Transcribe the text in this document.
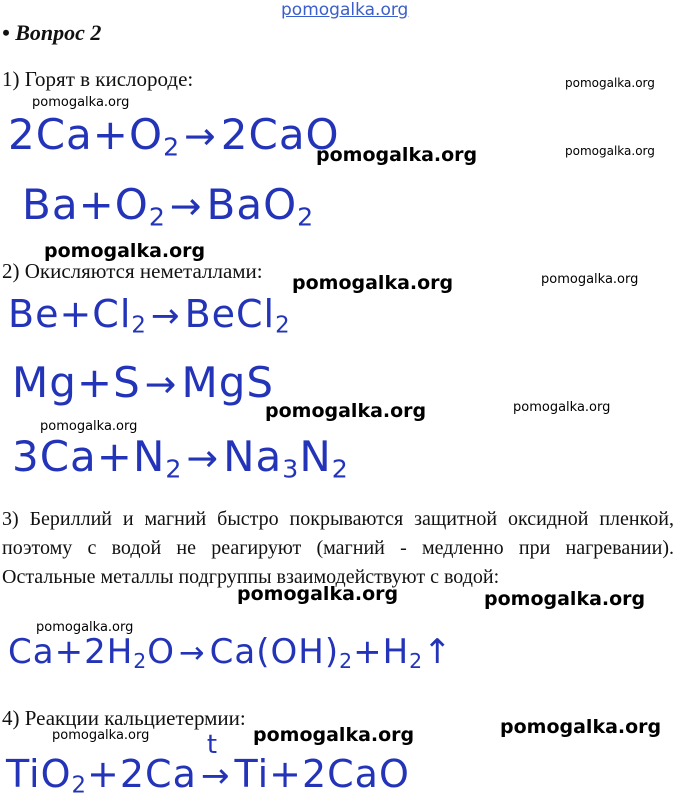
pomogalka.org
• Вопрос 2
1) Горят в кислороде:
$2Ca+O_2 \to 2CaO$
$Ba+O_2 \to BaO_2$
2) Окисляются неметаллами:
$Be+Cl_2$ → BeCl$_2$
Mg+S →MgS
$3Ca+N_2 \to Na_3N_2$
3) Бериллий и магний быстро покрываются защитной оксидной пленкой, поэтому с водой не реагируют (магний - медленно при нагревании). Остальные металлы подгруппы взаимодействуют с водой:
$Ca+2H_2O$ → $Ca(OH)_2+H_2↑$
4) Реакции кальциетермии:
TiO$_2$+2Ca
t
→ Ti+2CaO
pomogalka.org
pomogalka.org
pomogalka.org	pomogalka.org
pomogalka.org
pomogalka.org	pomogalka.org
pomogalka.org	pomogalka.org
pomogalka.org
pomogalka.org	pomogalka.org
pomogalka.org
pomogalka.org
pomogalka.org	pomogalka.org
